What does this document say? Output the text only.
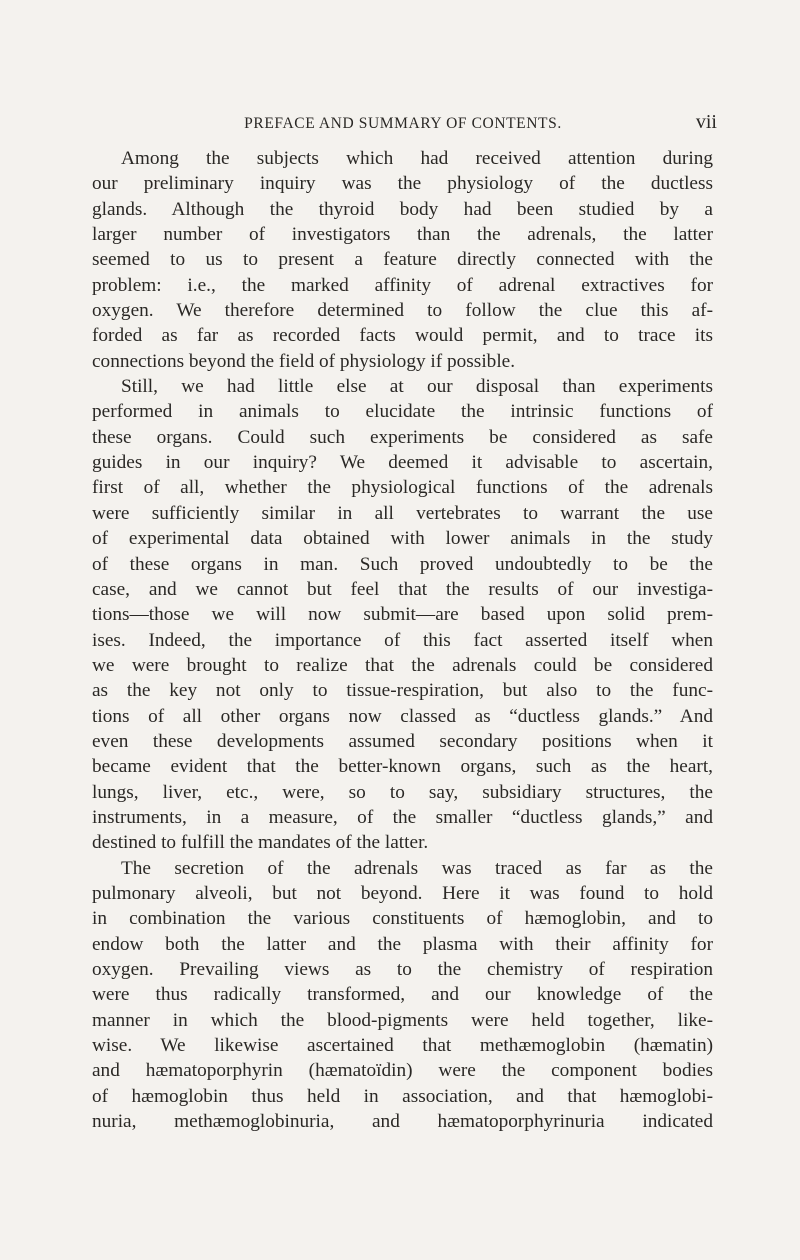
PREFACE AND SUMMARY OF CONTENTS.	vii
Among the subjects which had received attention during
our preliminary inquiry was the physiology of the ductless
glands. Although the thyroid body had been studied by a
larger number of investigators than the adrenals, the latter
seemed to us to present a feature directly connected with the
problem: i.e., the marked affinity of adrenal extractives for
oxygen. We therefore determined to follow the clue this af-
forded as far as recorded facts would permit, and to trace its
connections beyond the field of physiology if possible.
Still, we had little else at our disposal than experiments
performed in animals to elucidate the intrinsic functions of
these organs. Could such experiments be considered as safe
guides in our inquiry? We deemed it advisable to ascertain,
first of all, whether the physiological functions of the adrenals
were sufficiently similar in all vertebrates to warrant the use
of experimental data obtained with lower animals in the study
of these organs in man. Such proved undoubtedly to be the
case, and we cannot but feel that the results of our investiga-
tions—those we will now submit—are based upon solid prem-
ises. Indeed, the importance of this fact asserted itself when
we were brought to realize that the adrenals could be considered
as the key not only to tissue-respiration, but also to the func-
tions of all other organs now classed as “ductless glands.” And
even these developments assumed secondary positions when it
became evident that the better-known organs, such as the heart,
lungs, liver, etc., were, so to say, subsidiary structures, the
instruments, in a measure, of the smaller “ductless glands,” and
destined to fulfill the mandates of the latter.
The secretion of the adrenals was traced as far as the
pulmonary alveoli, but not beyond. Here it was found to hold
in combination the various constituents of hæmoglobin, and to
endow both the latter and the plasma with their affinity for
oxygen. Prevailing views as to the chemistry of respiration
were thus radically transformed, and our knowledge of the
manner in which the blood-pigments were held together, like-
wise. We likewise ascertained that methæmoglobin (hæmatin)
and hæmatoporphyrin (hæmatoïdin) were the component bodies
of hæmoglobin thus held in association, and that hæmoglobi-
nuria, methæmoglobinuria, and hæmatoporphyrinuria indicated
